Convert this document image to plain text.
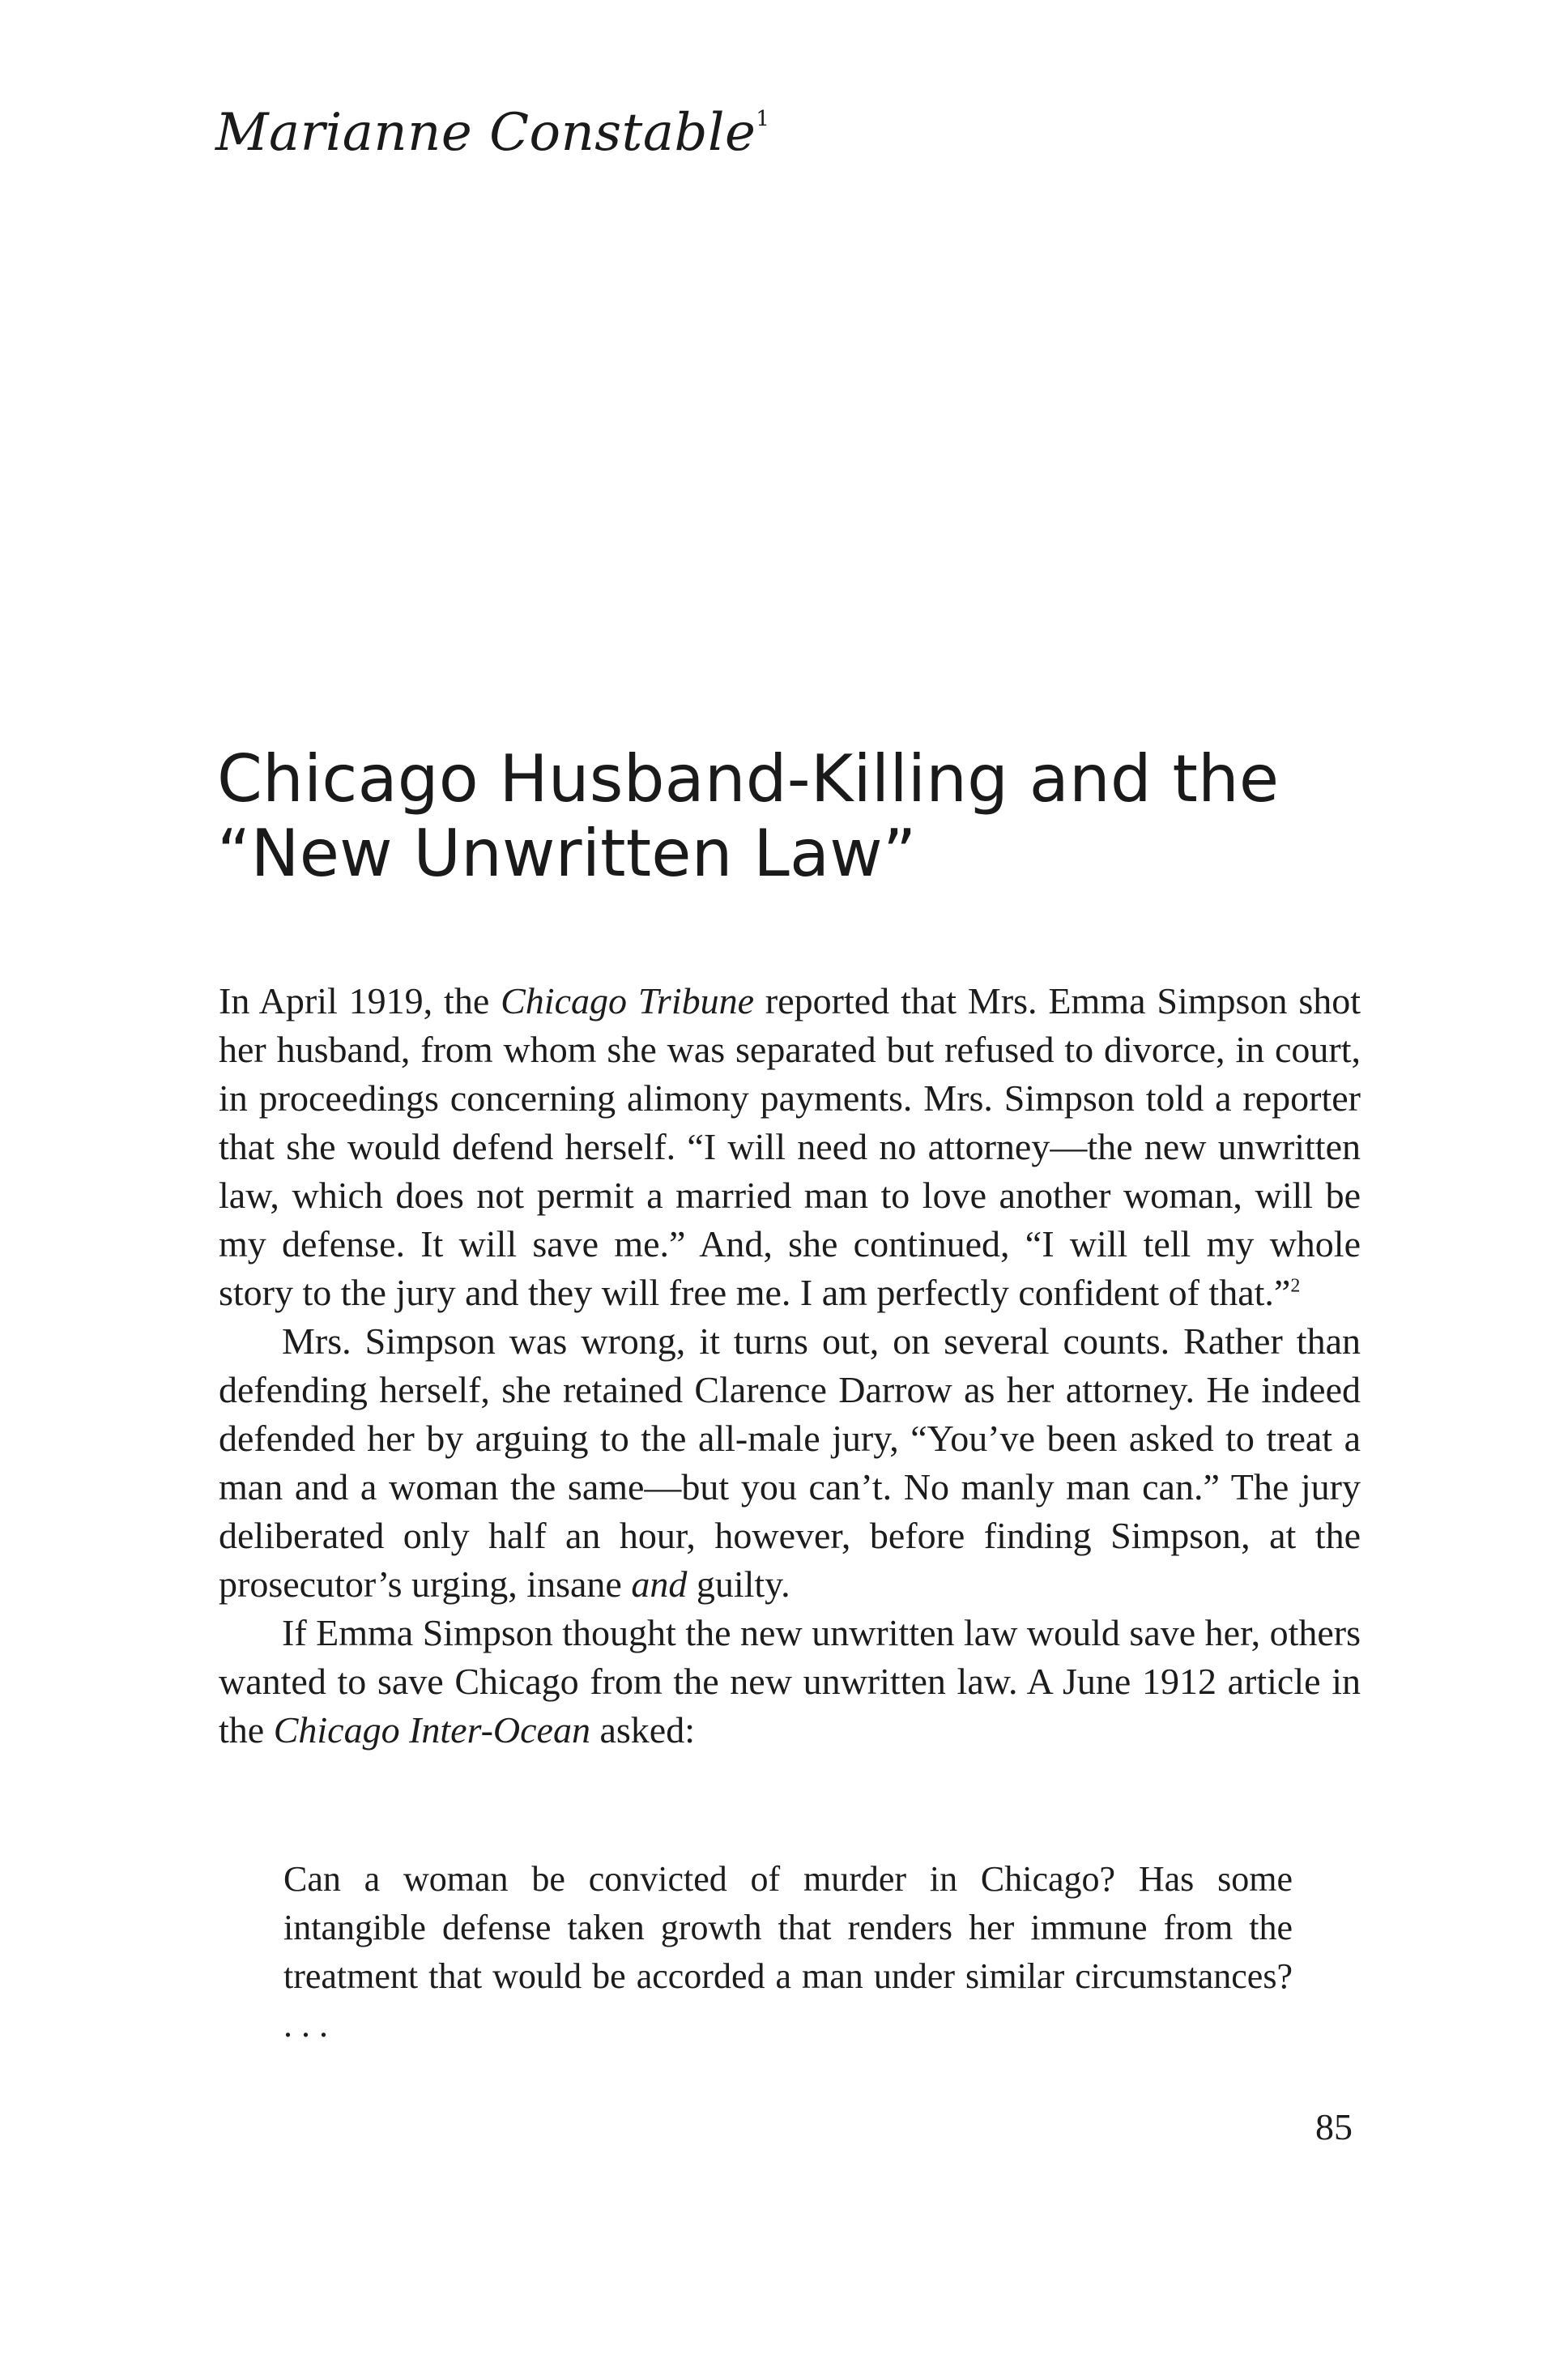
Marianne Constable$^1$
Chicago Husband-Killing and the
“New Unwritten Law”

In April 1919, the Chicago Tribune reported that Mrs. Emma Simpson shot her husband, from whom she was separated but refused to divorce, in court, in proceedings concerning alimony payments. Mrs. Simpson told a reporter that she would defend herself. “I will need no attorney—the new unwritten law, which does not permit a married man to love another woman, will be my defense. It will save me.” And, she continued, “I will tell my whole story to the jury and they will free me. I am perfectly confident of that.”$^2$

Mrs. Simpson was wrong, it turns out, on several counts. Rather than defending herself, she retained Clarence Darrow as her attorney. He indeed defended her by arguing to the all-male jury, “You’ve been asked to treat a man and a woman the same—but you can’t. No manly man can.” The jury deliberated only half an hour, however, before finding Simpson, at the prosecutor’s urging, insane and guilty.

If Emma Simpson thought the new unwritten law would save her, others wanted to save Chicago from the new unwritten law. A June 1912 article in the Chicago Inter-Ocean asked:

Can a woman be convicted of murder in Chicago? Has some intangible defense taken growth that renders her immune from the treatment that would be accorded a man under similar circumstances? . . .

85
